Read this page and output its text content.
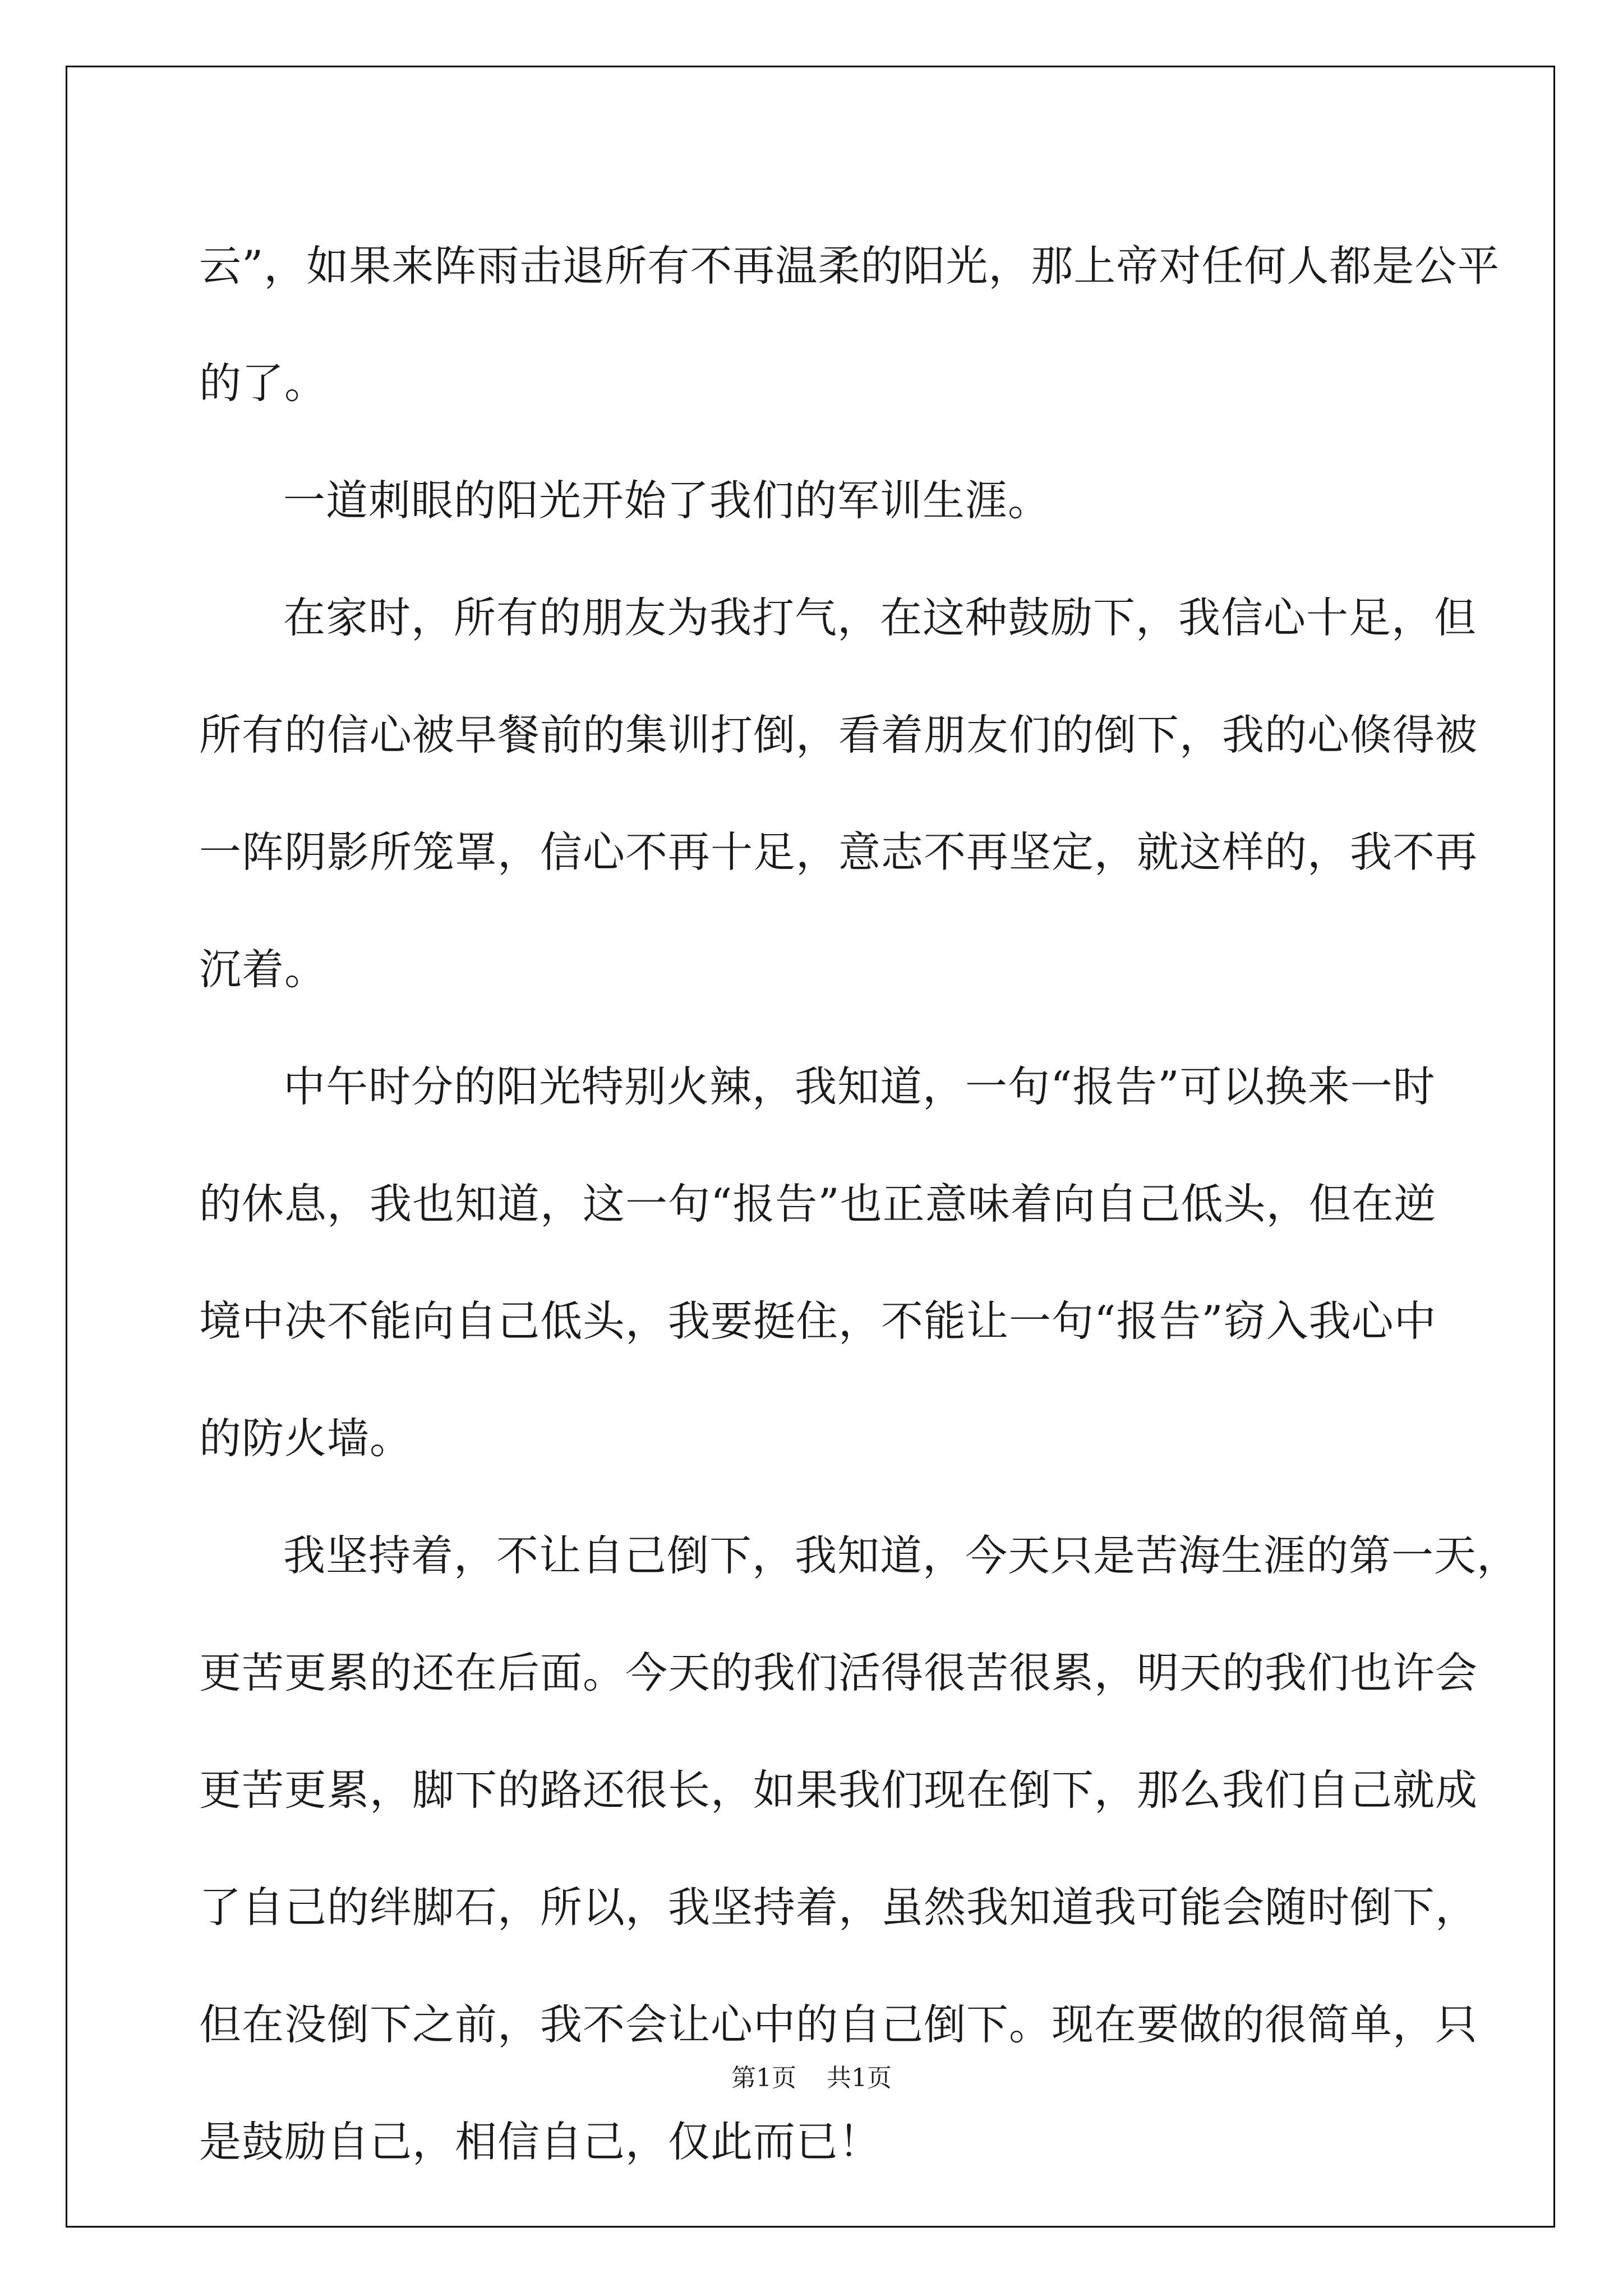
云”，如果来阵雨击退所有不再温柔的阳光，那上帝对任何人都是公平
的了。
一道刺眼的阳光开始了我们的军训生涯。
在家时，所有的朋友为我打气，在这种鼓励下，我信心十足，但
所有的信心被早餐前的集训打倒，看着朋友们的倒下，我的心倏得被
一阵阴影所笼罩，信心不再十足，意志不再坚定，就这样的，我不再
沉着。
中午时分的阳光特别火辣，我知道，一句“报告”可以换来一时
的休息，我也知道，这一句“报告”也正意味着向自己低头，但在逆
境中决不能向自己低头，我要挺住，不能让一句“报告”窃入我心中
的防火墙。
我坚持着，不让自己倒下，我知道，今天只是苦海生涯的第一天，
更苦更累的还在后面。今天的我们活得很苦很累，明天的我们也许会
更苦更累，脚下的路还很长，如果我们现在倒下，那么我们自己就成
了自己的绊脚石，所以，我坚持着，虽然我知道我可能会随时倒下，
但在没倒下之前，我不会让心中的自己倒下。现在要做的很简单，只
是鼓励自己，相信自己，仅此而已！
第1页 共1页
